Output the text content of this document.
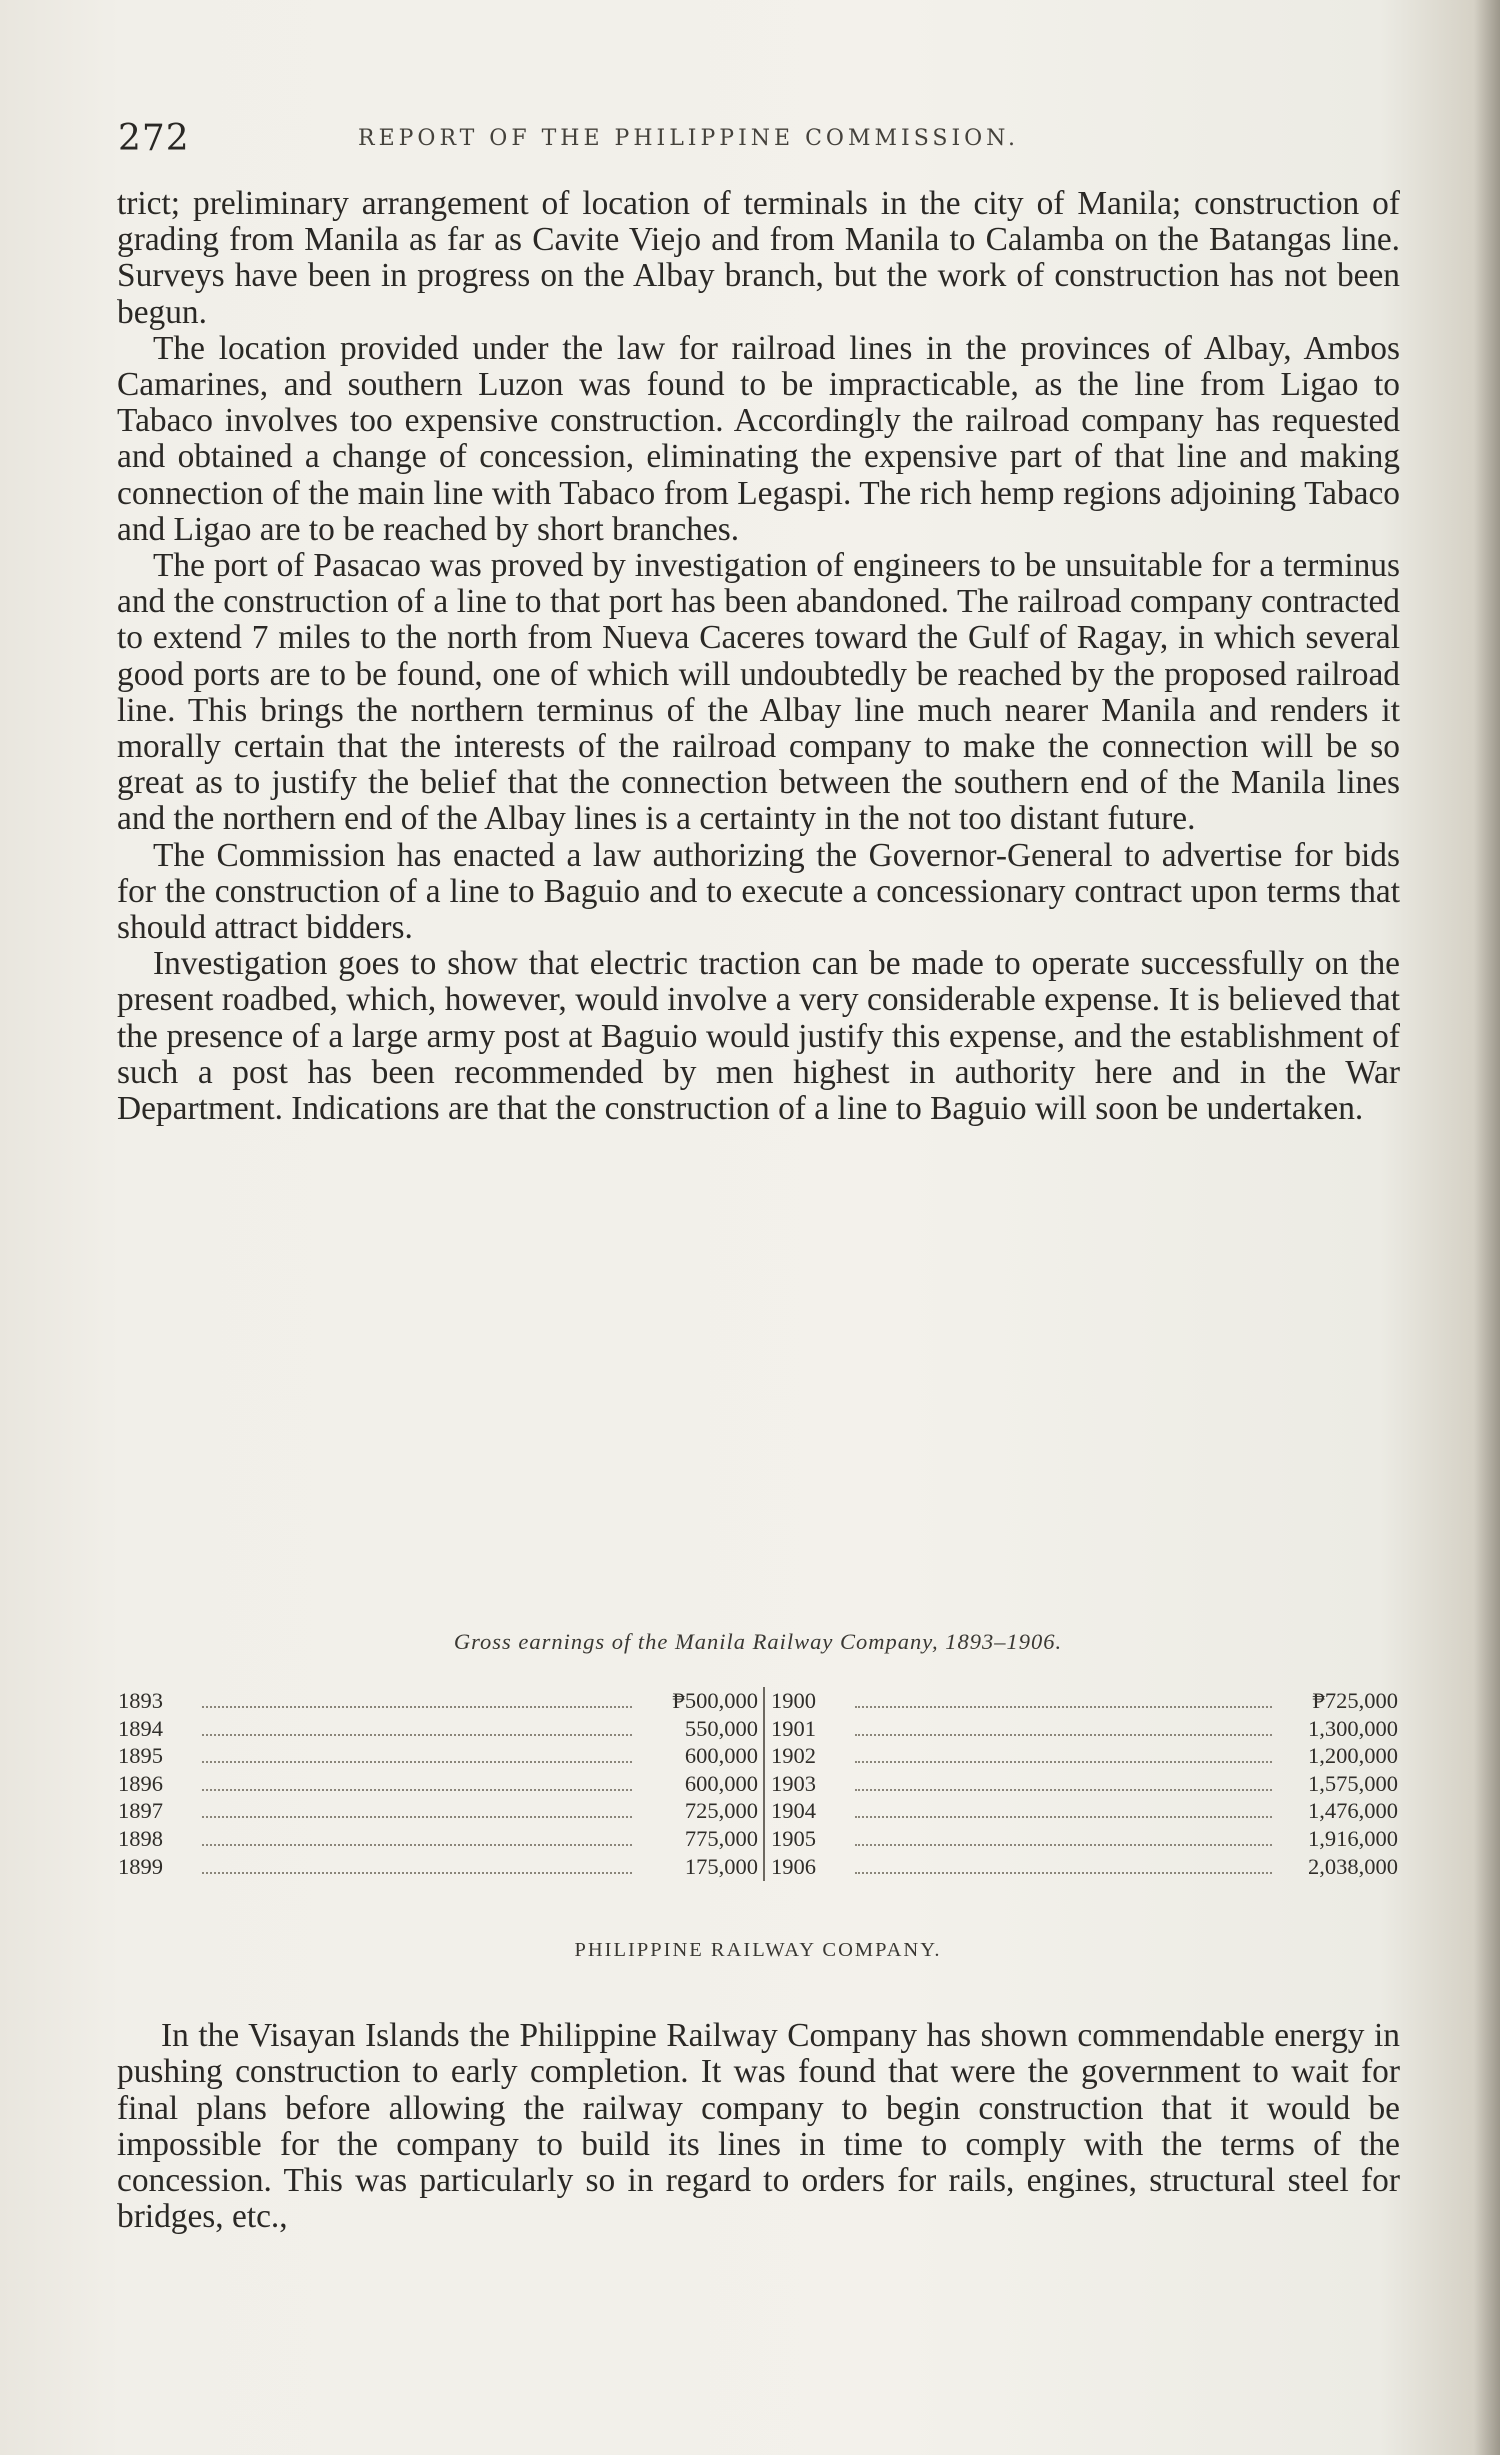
272	REPORT OF THE PHILIPPINE COMMISSION.

trict; preliminary arrangement of location of terminals in the city of Manila; construction of grading from Manila as far as Cavite Viejo and from Manila to Calamba on the Batangas line. Surveys have been in progress on the Albay branch, but the work of construction has not been begun.

The location provided under the law for railroad lines in the provinces of Albay, Ambos Camarines, and southern Luzon was found to be impracticable, as the line from Ligao to Tabaco involves too expensive construction. Accordingly the railroad company has requested and obtained a change of concession, eliminating the expensive part of that line and making connection of the main line with Tabaco from Legaspi. The rich hemp regions adjoining Tabaco and Ligao are to be reached by short branches.

The port of Pasacao was proved by investigation of engineers to be unsuitable for a terminus and the construction of a line to that port has been abandoned. The railroad company contracted to extend 7 miles to the north from Nueva Caceres toward the Gulf of Ragay, in which several good ports are to be found, one of which will undoubtedly be reached by the proposed railroad line. This brings the northern terminus of the Albay line much nearer Manila and renders it morally certain that the interests of the railroad company to make the connection will be so great as to justify the belief that the connection between the southern end of the Manila lines and the northern end of the Albay lines is a certainty in the not too distant future.

The Commission has enacted a law authorizing the Governor-General to advertise for bids for the construction of a line to Baguio and to execute a concessionary contract upon terms that should attract bidders.

Investigation goes to show that electric traction can be made to operate successfully on the present roadbed, which, however, would involve a very considerable expense. It is believed that the presence of a large army post at Baguio would justify this expense, and the establishment of such a post has been recommended by men highest in authority here and in the War Department. Indications are that the construction of a line to Baguio will soon be undertaken.

Gross earnings of the Manila Railway Company, 1893–1906.
1893	₱500,000
1894	550,000
1895	600,000
1896	600,000
1897	725,000
1898	775,000
1899	175,000
1900	₱725,000
1901	1,300,000
1902	1,200,000
1903	1,575,000
1904	1,476,000
1905	1,916,000
1906	2,038,000
PHILIPPINE RAILWAY COMPANY.

In the Visayan Islands the Philippine Railway Company has shown commendable energy in pushing construction to early completion. It was found that were the government to wait for final plans before allowing the railway company to begin construction that it would be impossible for the company to build its lines in time to comply with the terms of the concession. This was particularly so in regard to orders for rails, engines, structural steel for bridges, etc.,
